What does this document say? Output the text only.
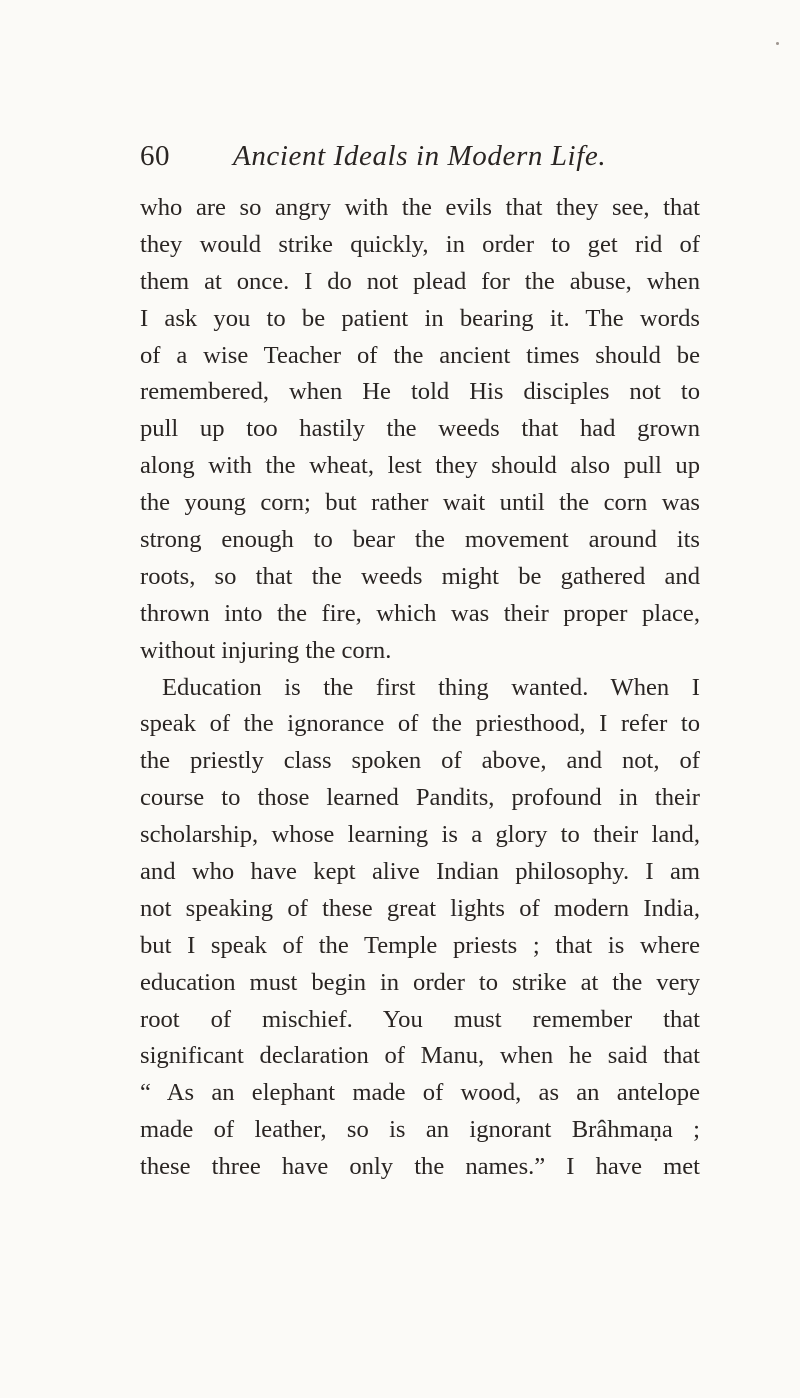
60 Ancient Ideals in Modern Life.
who are so angry with the evils that they see, that
they would strike quickly, in order to get rid of
them at once. I do not plead for the abuse, when
I ask you to be patient in bearing it. The words
of a wise Teacher of the ancient times should be
remembered, when He told His disciples not to
pull up too hastily the weeds that had grown
along with the wheat, lest they should also pull up
the young corn; but rather wait until the corn was
strong enough to bear the movement around its
roots, so that the weeds might be gathered and
thrown into the fire, which was their proper place,
without injuring the corn.
Education is the first thing wanted. When I
speak of the ignorance of the priesthood, I refer to
the priestly class spoken of above, and not, of
course to those learned Pandits, profound in their
scholarship, whose learning is a glory to their land,
and who have kept alive Indian philosophy. I am
not speaking of these great lights of modern India,
but I speak of the Temple priests ; that is where
education must begin in order to strike at the very
root of mischief. You must remember that
significant declaration of Manu, when he said that
“ As an elephant made of wood, as an antelope
made of leather, so is an ignorant Brâhmaṇa ;
these three have only the names.” I have met
